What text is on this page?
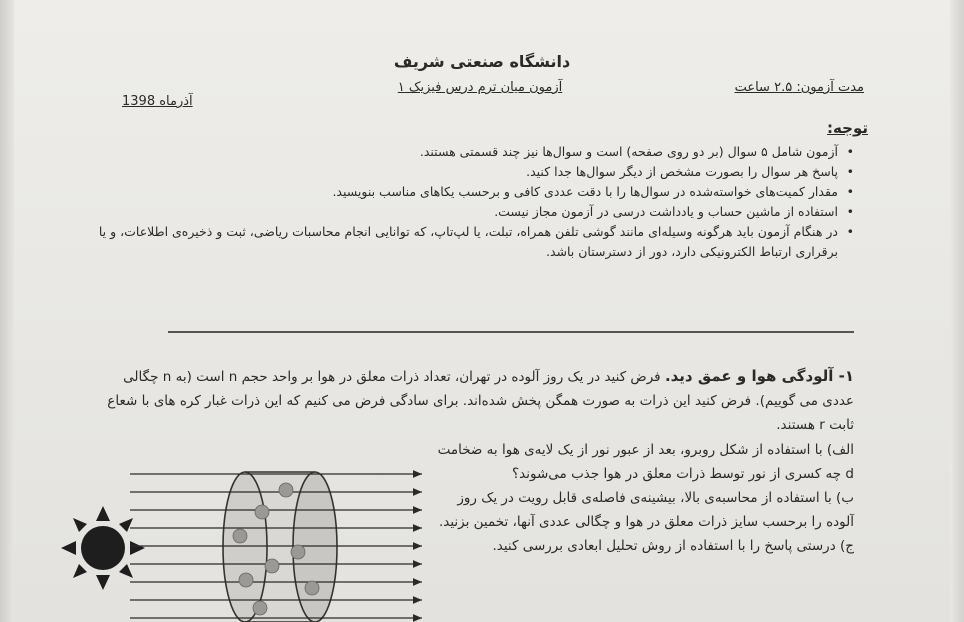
دانشگاه صنعتی شریف
آزمون میان ترم درس فیزیک ۱	مدت آزمون: ۲.۵ ساعت
آذرماه 1398
توجه:
• آزمون شامل ۵ سوال (بر دو روی صفحه) است و سوال‌ها نیز چند قسمتی هستند.
• پاسخ هر سوال را بصورت مشخص از دیگر سوال‌ها جدا کنید.
• مقدار کمیت‌های خواسته‌شده در سوال‌ها را با دقت عددی کافی و برحسب یکاهای مناسب بنویسید.
• استفاده از ماشین حساب و یادداشت درسی در آزمون مجاز نیست.
• در هنگام آزمون باید هرگونه وسیله‌ای مانند گوشی تلفن همراه، تبلت، یا لپ‌تاپ، که توانایی انجام محاسبات ریاضی، ثبت و ذخیره‌ی اطلاعات، و یا برقراری ارتباط الکترونیکی دارد، دور از دسترستان باشد.
۱- آلودگی هوا و عمق دید. فرض کنید در یک روز آلوده در تهران، تعداد ذرات معلق در هوا بر واحد حجم n است (به n چگالی عددی می گوییم). فرض کنید این ذرات به صورت همگن پخش شده‌اند. برای سادگی فرض می کنیم که این ذرات غبار کره های با شعاع ثابت r هستند.

الف) با استفاده از شکل روبرو، بعد از عبور نور از یک لایه‌ی هوا به ضخامت d چه کسری از نور توسط ذرات معلق در هوا جذب می‌شوند؟

ب) با استفاده از محاسبه‌ی بالا، بیشینه‌ی فاصله‌ی قابل رویت در یک روز آلوده را برحسب سایز ذرات معلق در هوا و چگالی عددی آنها، تخمین بزنید.

ج) درستی پاسخ را با استفاده از روش تحلیل ابعادی بررسی کنید.
